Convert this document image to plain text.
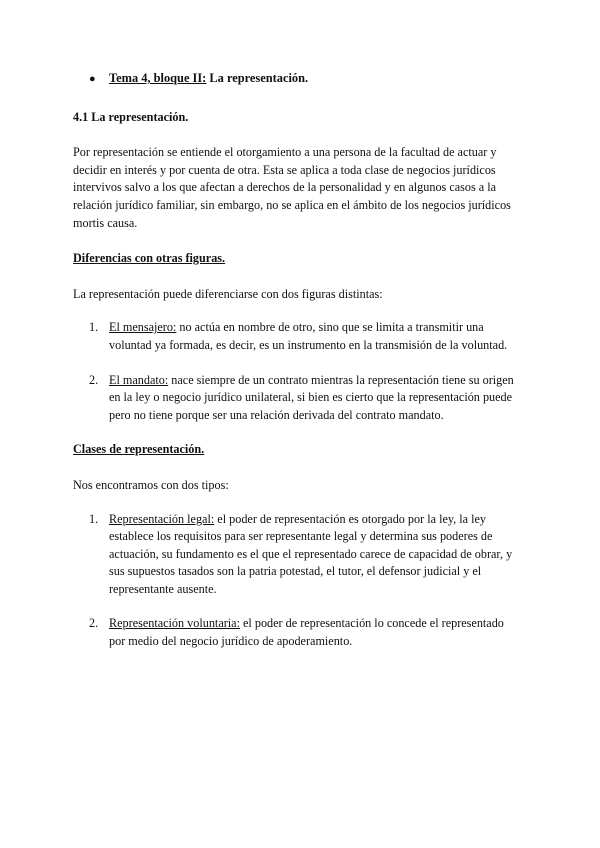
●	Tema 4, bloque II: La representación.
4.1 La representación.

Por representación se entiende el otorgamiento a una persona de la facultad de actuar y decidir en interés y por cuenta de otra. Esta se aplica a toda clase de negocios jurídicos intervivos salvo a los que afectan a derechos de la personalidad y en algunos casos a la relación jurídico familiar, sin embargo, no se aplica en el ámbito de los negocios jurídicos mortis causa.

Diferencias con otras figuras.

La representación puede diferenciarse con dos figuras distintas:

1. El mensajero: no actúa en nombre de otro, sino que se limita a transmitir una voluntad ya formada, es decir, es un instrumento en la transmisión de la voluntad.
2. El mandato: nace siempre de un contrato mientras la representación tiene su origen en la ley o negocio jurídico unilateral, si bien es cierto que la representación puede pero no tiene porque ser una relación derivada del contrato mandato.
Clases de representación.

Nos encontramos con dos tipos:

1. Representación legal: el poder de representación es otorgado por la ley, la ley establece los requisitos para ser representante legal y determina sus poderes de actuación, su fundamento es el que el representado carece de capacidad de obrar, y sus supuestos tasados son la patria potestad, el tutor, el defensor judicial y el representante ausente.
2. Representación voluntaria: el poder de representación lo concede el representado por medio del negocio jurídico de apoderamiento.
